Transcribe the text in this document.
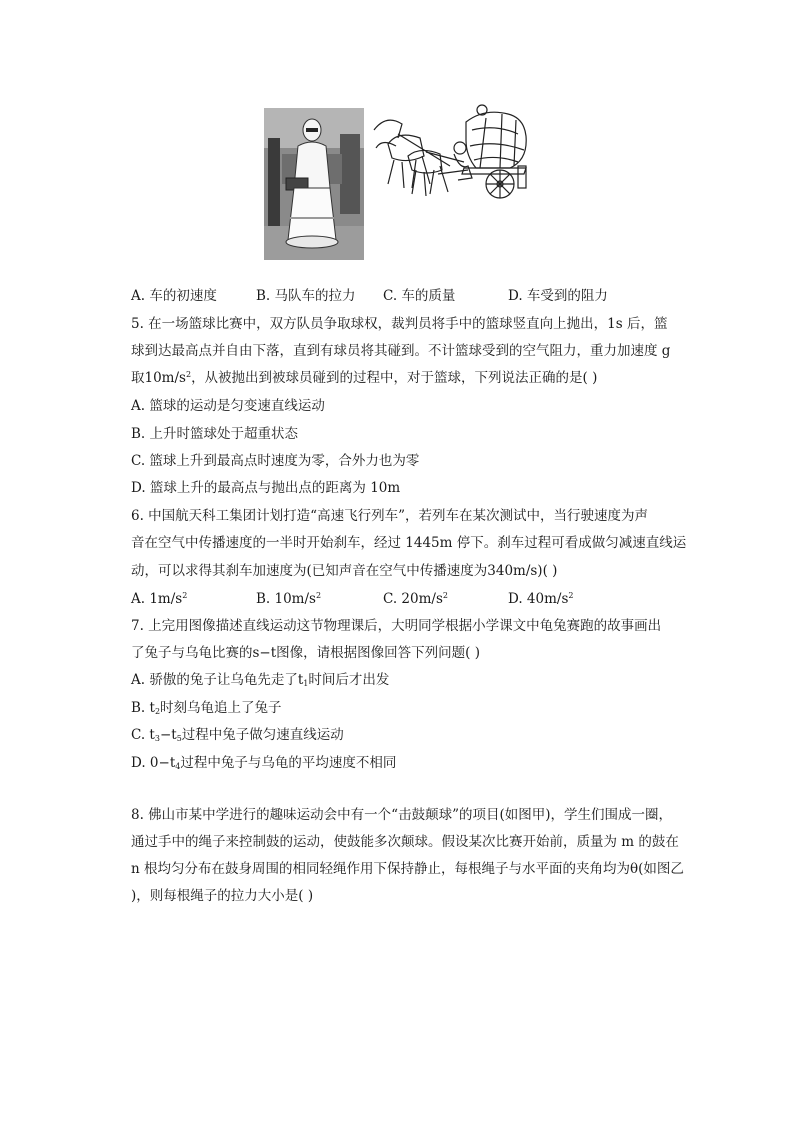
A. 车的初速度	B. 马队车的拉力 C. 车的质量	D. 车受到的阻力
5. 在一场篮球比赛中，双方队员争取球权，裁判员将手中的篮球竖直向上抛出，1s 后，篮
球到达最高点并自由下落，直到有球员将其碰到。不计篮球受到的空气阻力，重力加速度 g
取$10m/s^2$，从被抛出到被球员碰到的过程中，对于篮球，下列说法正确的是( )
A. 篮球的运动是匀变速直线运动
B. 上升时篮球处于超重状态
C. 篮球上升到最高点时速度为零，合外力也为零
D. 篮球上升的最高点与抛出点的距离为 10m
6. 中国航天科工集团计划打造“高速飞行列车”，若列车在某次测试中，当行驶速度为声
音在空气中传播速度的一半时开始刹车，经过 1445m 停下。刹车过程可看成做匀减速直线运
动，可以求得其刹车加速度为(已知声音在空气中传播速度为340m/s)( )
A. $1m/s^2$	B. $10m/s^2$	C. $20m/s^2$	D. $40m/s^2$
7. 上完用图像描述直线运动这节物理课后，大明同学根据小学课文中龟兔赛跑的故事画出
了兔子与乌龟比赛的s−t图像，请根据图像回答下列问题( )
A. 骄傲的兔子让乌龟先走了$t_1$时间后才出发
B. $t_2$时刻乌龟追上了兔子
C. $t_3-t_5$过程中兔子做匀速直线运动
D. $0-t_4$过程中兔子与乌龟的平均速度不相同
8. 佛山市某中学进行的趣味运动会中有一个“击鼓颠球”的项目(如图甲)，学生们围成一圈，
通过手中的绳子来控制鼓的运动，使鼓能多次颠球。假设某次比赛开始前，质量为 m 的鼓在
n 根均匀分布在鼓身周围的相同轻绳作用下保持静止，每根绳子与水平面的夹角均为θ(如图乙
)，则每根绳子的拉力大小是( )
